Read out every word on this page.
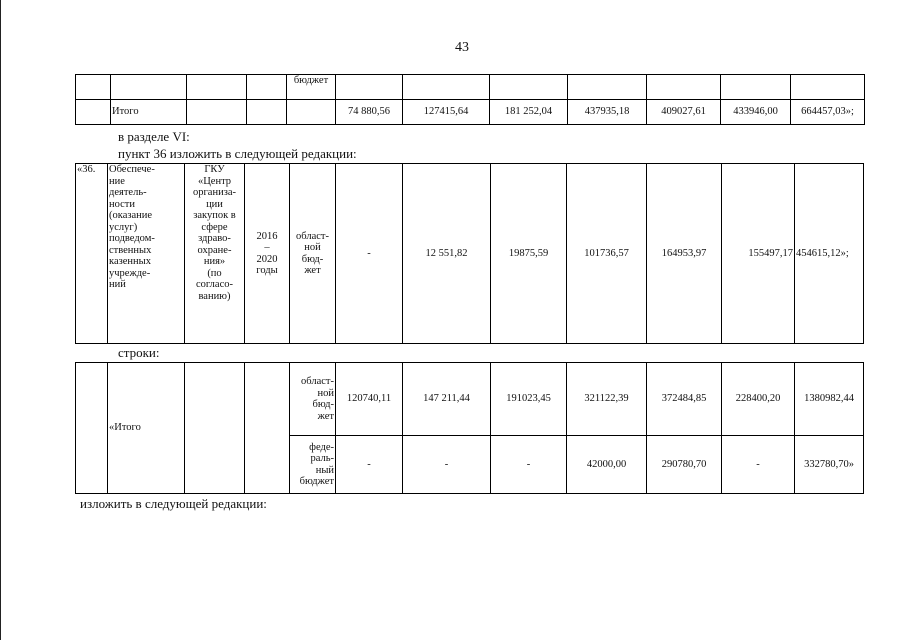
43
				бюджет							
	Итого				74 880,56	127415,64	181 252,04	437935,18	409027,61	433946,00	664457,03»;
в разделе VI:
пункт 36 изложить в следующей редакции:
«36.	Обеспече-
ние
деятель-
ности
(оказание
услуг)
подведом-
ственных
казенных
учрежде-
ний	ГКУ
«Центр
организа-
ции
закупок в
сфере
здраво-
охране-
ния»
(по
согласо-
ванию)	2016
–
2020
годы	област-
ной
бюд-
жет	-	12 551,82	19875,59	101736,57	164953,97	155497,17	454615,12»;
строки:
	«Итого			област-
ной
бюд-
жет	120740,11	147 211,44	191023,45	321122,39	372484,85	228400,20	1380982,44
				феде-
раль-
ный
бюджет	-	-	-	42000,00	290780,70	-	332780,70»
изложить в следующей редакции:
